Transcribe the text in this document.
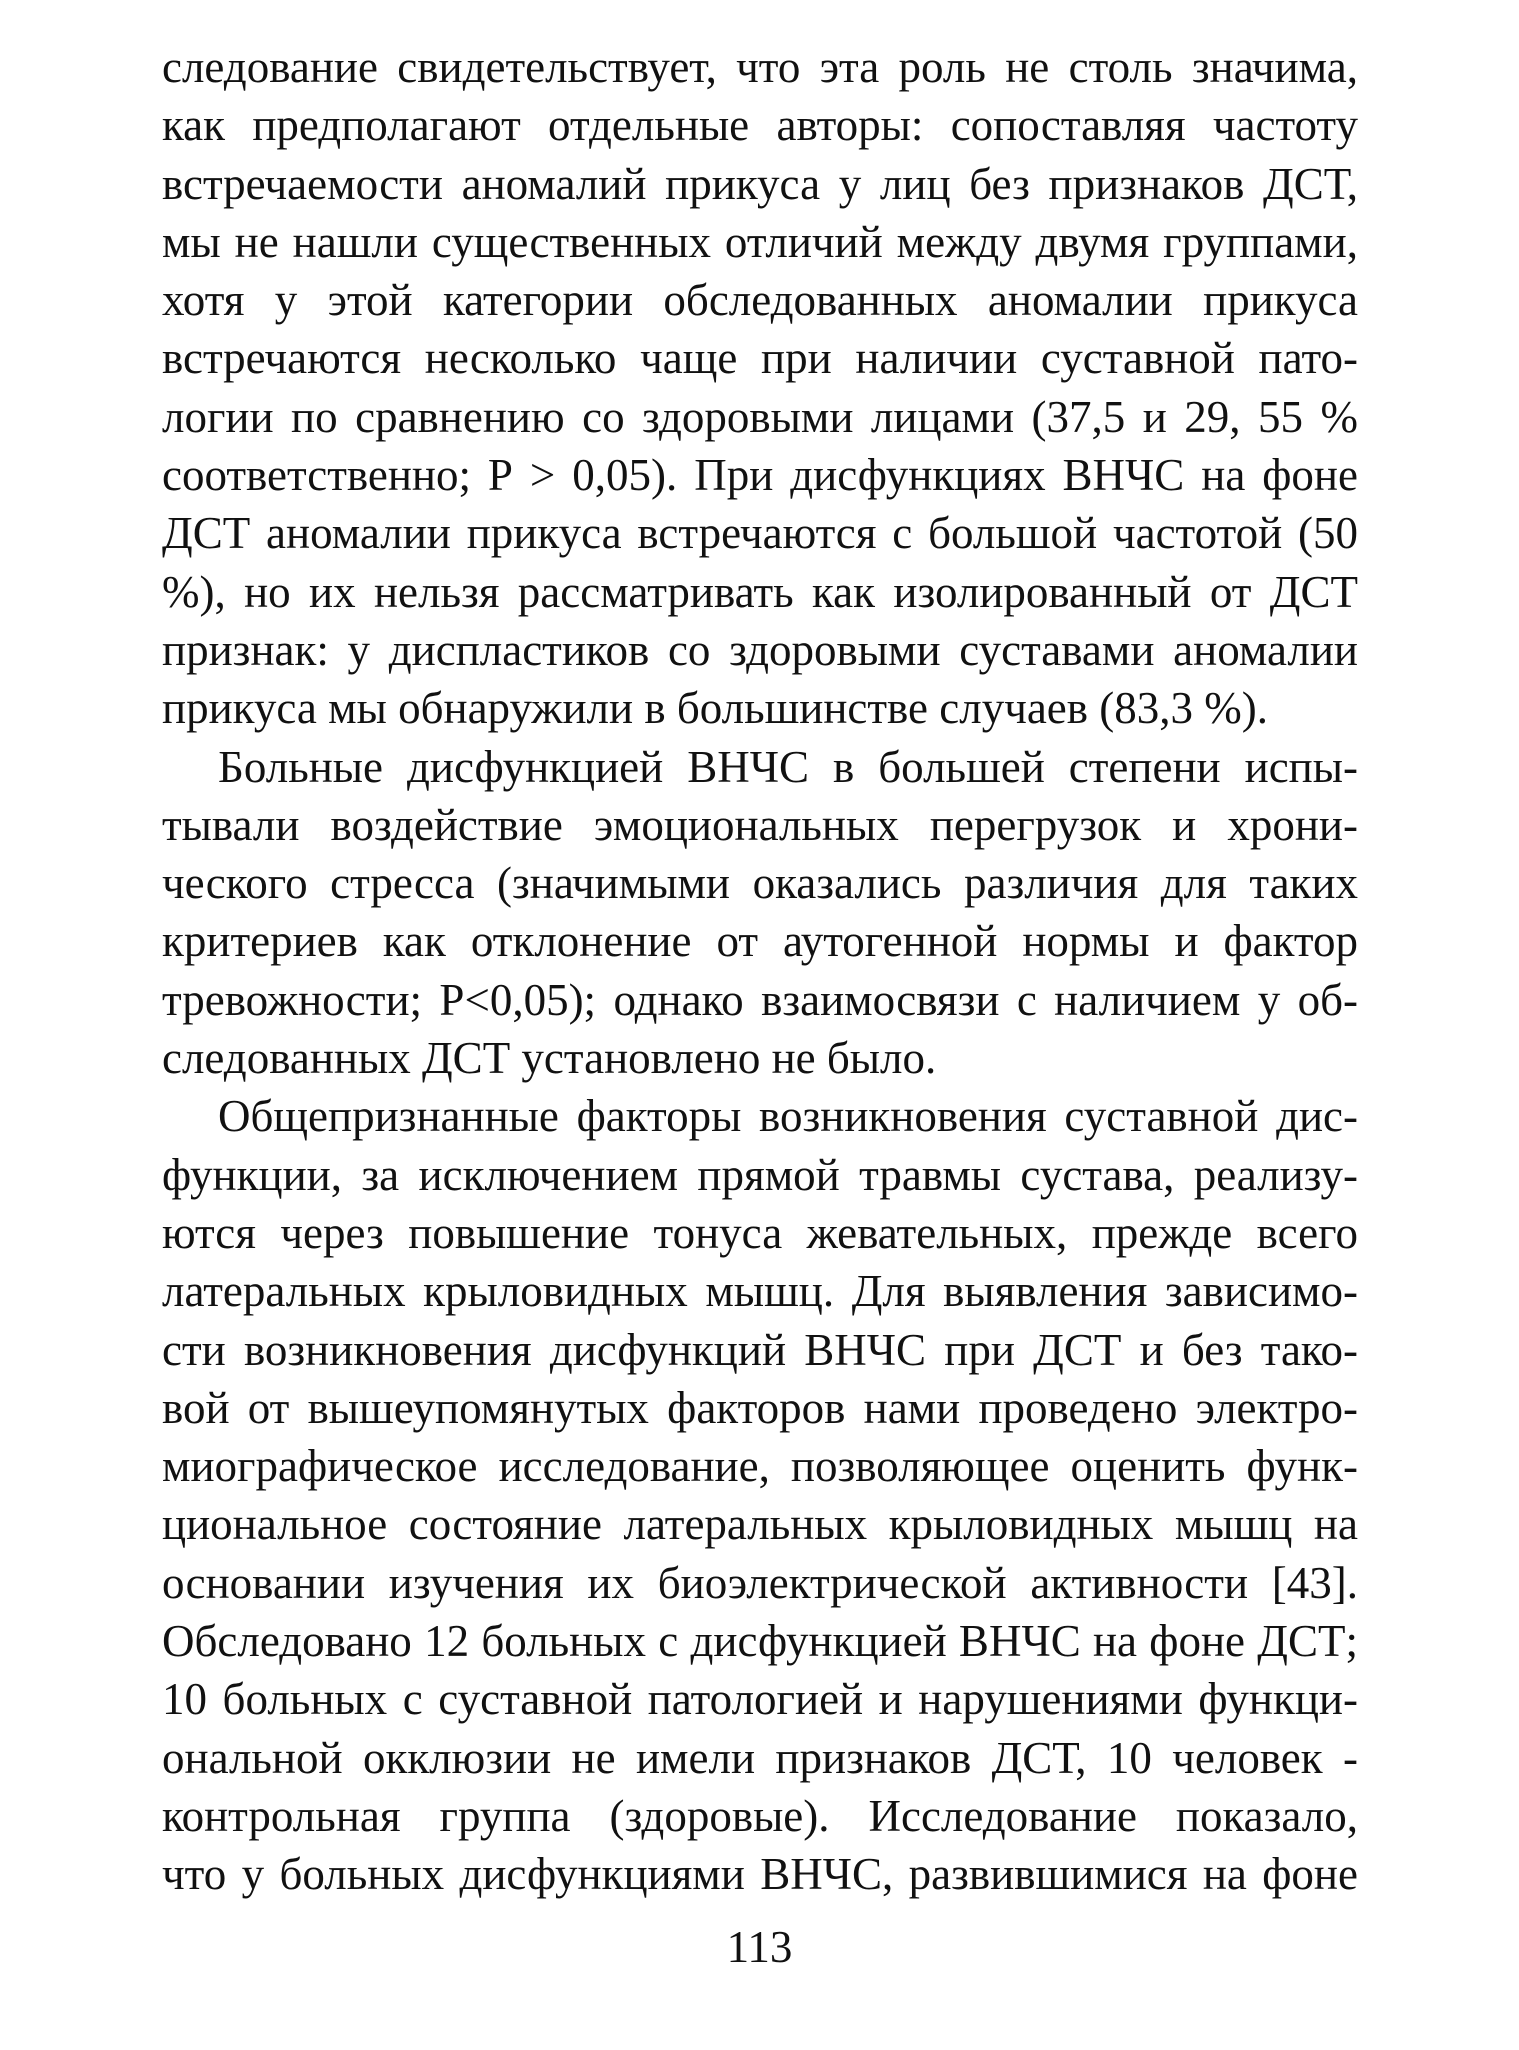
следование свидетельствует, что эта роль не столь значима,
как предполагают отдельные авторы: сопоставляя частоту
встречаемости аномалий прикуса у лиц без признаков ДСТ,
мы не нашли существенных отличий между двумя группами,
хотя у этой категории обследованных аномалии прикуса
встречаются несколько чаще при наличии суставной пато-
логии по сравнению со здоровыми лицами (37,5 и 29, 55 %
соответственно; Р > 0,05). При дисфункциях ВНЧС на фоне
ДСТ аномалии прикуса встречаются с большой частотой (50
%), но их нельзя рассматривать как изолированный от ДСТ
признак: у диспластиков со здоровыми суставами аномалии
прикуса мы обнаружили в большинстве случаев (83,3 %).
Больные дисфункцией ВНЧС в большей степени испы-
тывали воздействие эмоциональных перегрузок и хрони-
ческого стресса (значимыми оказались различия для таких
критериев как отклонение от аутогенной нормы и фактор
тревожности; Р<0,05); однако взаимосвязи с наличием у об-
следованных ДСТ установлено не было.
Общепризнанные факторы возникновения суставной дис-
функции, за исключением прямой травмы сустава, реализу-
ются через повышение тонуса жевательных, прежде всего
латеральных крыловидных мышц. Для выявления зависимо-
сти возникновения дисфункций ВНЧС при ДСТ и без тако-
вой от вышеупомянутых факторов нами проведено электро-
миографическое исследование, позволяющее оценить функ-
циональное состояние латеральных крыловидных мышц на
основании изучения их биоэлектрической активности [43].
Обследовано 12 больных с дисфункцией ВНЧС на фоне ДСТ;
10 больных с суставной патологией и нарушениями функци-
ональной окклюзии не имели признаков ДСТ, 10 человек -
контрольная группа (здоровые). Исследование показало,
что у больных дисфункциями ВНЧС, развившимися на фоне
113
